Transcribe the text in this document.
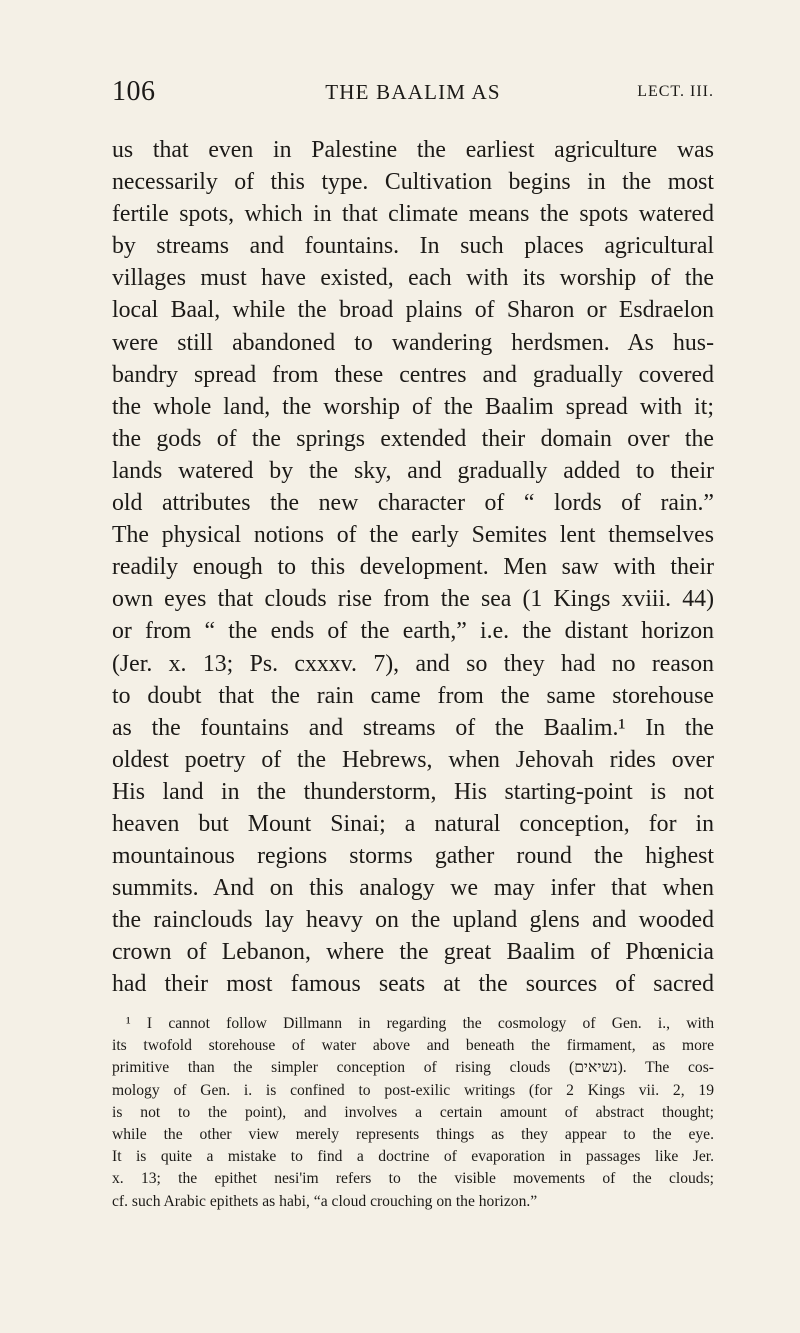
106	THE BAALIM AS	LECT. III.
us that even in Palestine the earliest agriculture was
necessarily of this type. Cultivation begins in the most
fertile spots, which in that climate means the spots watered
by streams and fountains. In such places agricultural
villages must have existed, each with its worship of the
local Baal, while the broad plains of Sharon or Esdraelon
were still abandoned to wandering herdsmen. As hus-
bandry spread from these centres and gradually covered
the whole land, the worship of the Baalim spread with it;
the gods of the springs extended their domain over the
lands watered by the sky, and gradually added to their
old attributes the new character of “ lords of rain.”
The physical notions of the early Semites lent themselves
readily enough to this development. Men saw with their
own eyes that clouds rise from the sea (1 Kings xviii. 44)
or from “ the ends of the earth,” i.e. the distant horizon
(Jer. x. 13; Ps. cxxxv. 7), and so they had no reason
to doubt that the rain came from the same storehouse
as the fountains and streams of the Baalim.¹ In the
oldest poetry of the Hebrews, when Jehovah rides over
His land in the thunderstorm, His starting-point is not
heaven but Mount Sinai; a natural conception, for in
mountainous regions storms gather round the highest
summits. And on this analogy we may infer that when
the rainclouds lay heavy on the upland glens and wooded
crown of Lebanon, where the great Baalim of Phœnicia
had their most famous seats at the sources of sacred
¹ I cannot follow Dillmann in regarding the cosmology of Gen. i., with
its twofold storehouse of water above and beneath the firmament, as more
primitive than the simpler conception of rising clouds (נשיאים). The cos-
mology of Gen. i. is confined to post-exilic writings (for 2 Kings vii. 2, 19
is not to the point), and involves a certain amount of abstract thought;
while the other view merely represents things as they appear to the eye.
It is quite a mistake to find a doctrine of evaporation in passages like Jer.
x. 13; the epithet nesi'im refers to the visible movements of the clouds;
cf. such Arabic epithets as habi, “a cloud crouching on the horizon.”
